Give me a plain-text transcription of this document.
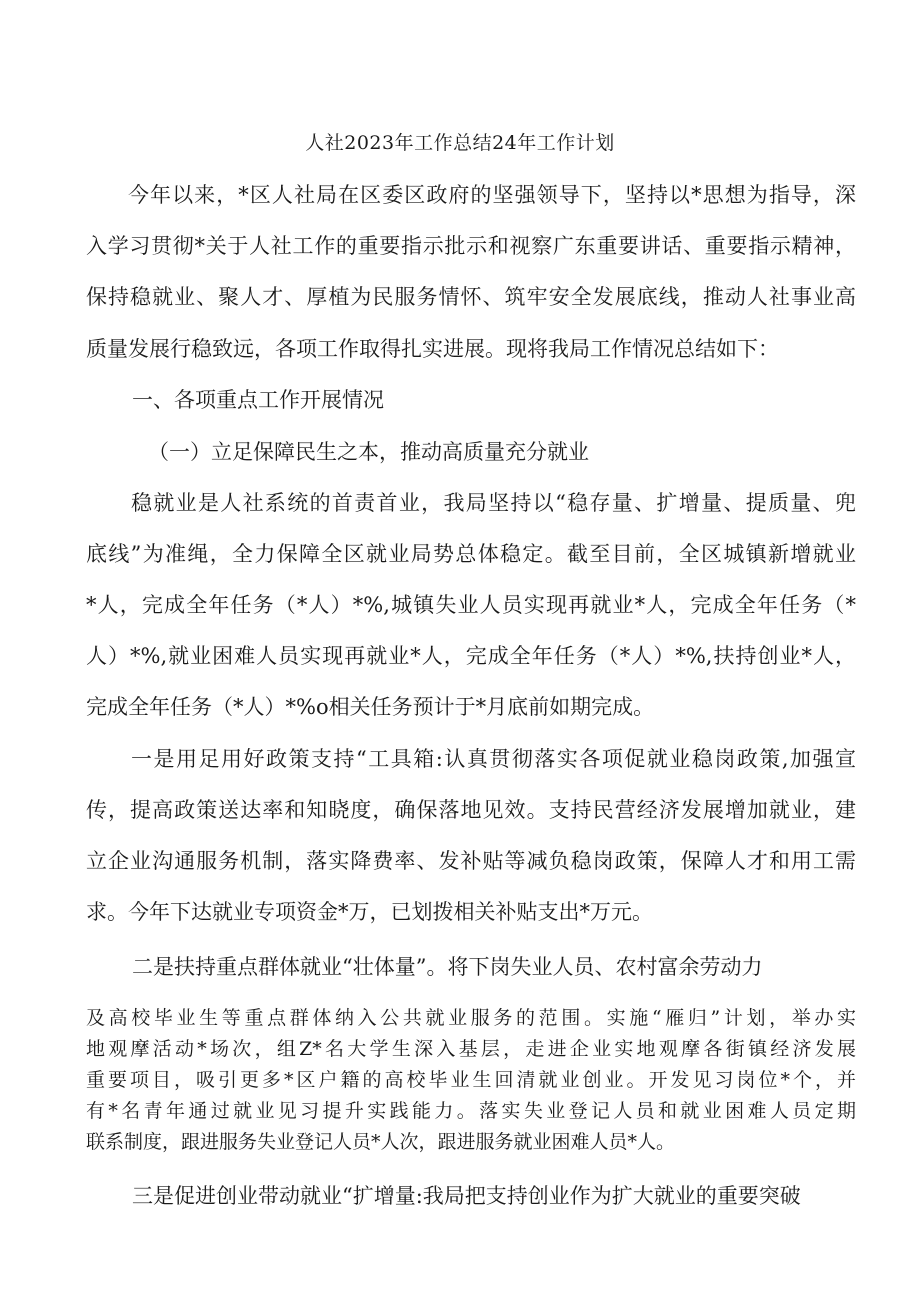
人社2023年工作总结24年工作计划
今年以来，*区人社局在区委区政府的坚强领导下，坚持以*思想为指导，深
入学习贯彻*关于人社工作的重要指示批示和视察广东重要讲话、重要指示精神，
保持稳就业、聚人才、厚植为民服务情怀、筑牢安全发展底线，推动人社事业高
质量发展行稳致远，各项工作取得扎实进展。现将我局工作情况总结如下：
一、各项重点工作开展情况
（一）立足保障民生之本，推动高质量充分就业
稳就业是人社系统的首责首业，我局坚持以“稳存量、扩增量、提质量、兜
底线”为准绳，全力保障全区就业局势总体稳定。截至目前，全区城镇新增就业
*人，完成全年任务（*人）*%,城镇失业人员实现再就业*人，完成全年任务（*
人）*%,就业困难人员实现再就业*人，完成全年任务（*人）*%,扶持创业*人，
完成全年任务（*人）*%o相关任务预计于*月底前如期完成。
一是用足用好政策支持“工具箱:认真贯彻落实各项促就业稳岗政策,加强宣
传，提高政策送达率和知晓度，确保落地见效。支持民营经济发展增加就业，建
立企业沟通服务机制，落实降费率、发补贴等减负稳岗政策，保障人才和用工需
求。今年下达就业专项资金*万，已划拨相关补贴支出*万元。
二是扶持重点群体就业“壮体量”。将下岗失业人员、农村富余劳动力
及高校毕业生等重点群体纳入公共就业服务的范围。实施“雁归”计划，举办实
地观摩活动*场次，组Z*名大学生深入基层，走进企业实地观摩各街镇经济发展
重要项目，吸引更多*区户籍的高校毕业生回清就业创业。开发见习岗位*个，并
有*名青年通过就业见习提升实践能力。落实失业登记人员和就业困难人员定期
联系制度，跟进服务失业登记人员*人次，跟进服务就业困难人员*人。
三是促进创业带动就业“扩增量:我局把支持创业作为扩大就业的重要突破
